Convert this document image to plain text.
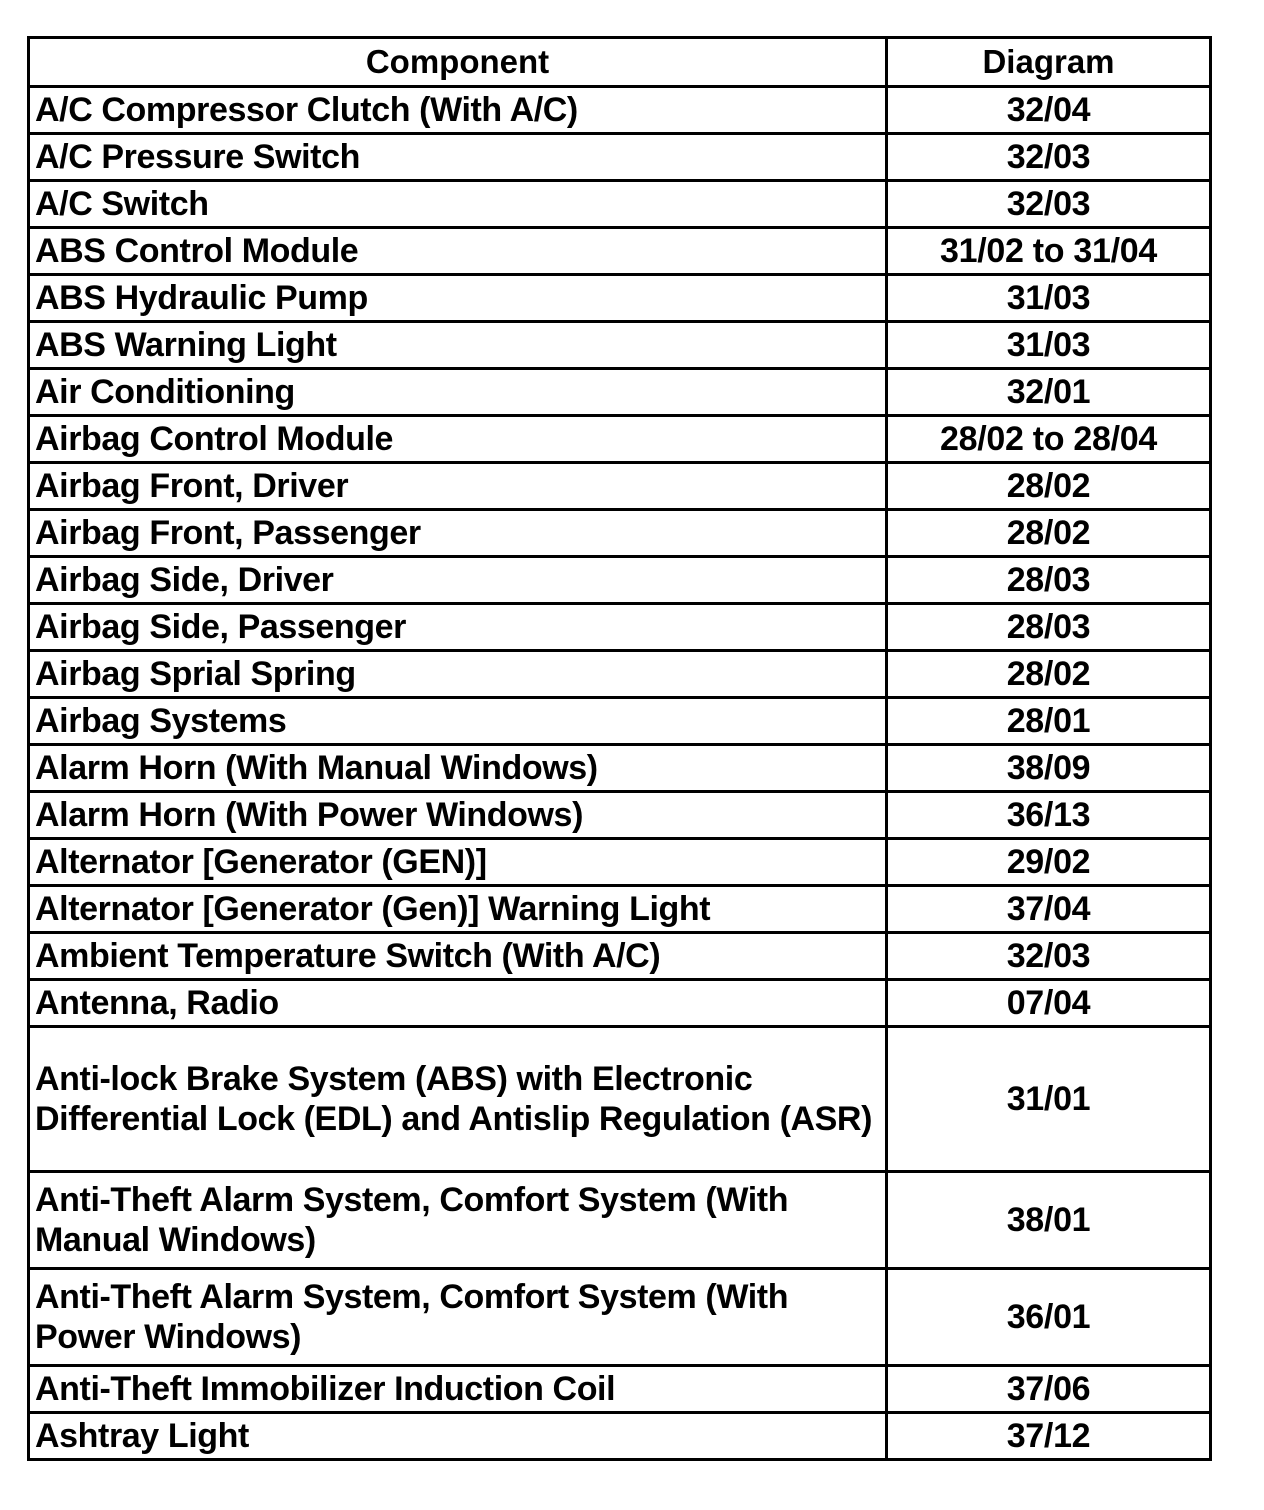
Component	Diagram
A/C Compressor Clutch (With A/C)	32/04
A/C Pressure Switch	32/03
A/C Switch	32/03
ABS Control Module	31/02 to 31/04
ABS Hydraulic Pump	31/03
ABS Warning Light	31/03
Air Conditioning	32/01
Airbag Control Module	28/02 to 28/04
Airbag Front, Driver	28/02
Airbag Front, Passenger	28/02
Airbag Side, Driver	28/03
Airbag Side, Passenger	28/03
Airbag Sprial Spring	28/02
Airbag Systems	28/01
Alarm Horn (With Manual Windows)	38/09
Alarm Horn (With Power Windows)	36/13
Alternator [Generator (GEN)]	29/02
Alternator [Generator (Gen)] Warning Light	37/04
Ambient Temperature Switch (With A/C)	32/03
Antenna, Radio	07/04
Anti-lock Brake System (ABS) with Electronic Differential Lock (EDL) and Antislip Regulation (ASR)	31/01
Anti-Theft Alarm System, Comfort System (With Manual Windows)	38/01
Anti-Theft Alarm System, Comfort System (With Power Windows)	36/01
Anti-Theft Immobilizer Induction Coil	37/06
Ashtray Light	37/12
